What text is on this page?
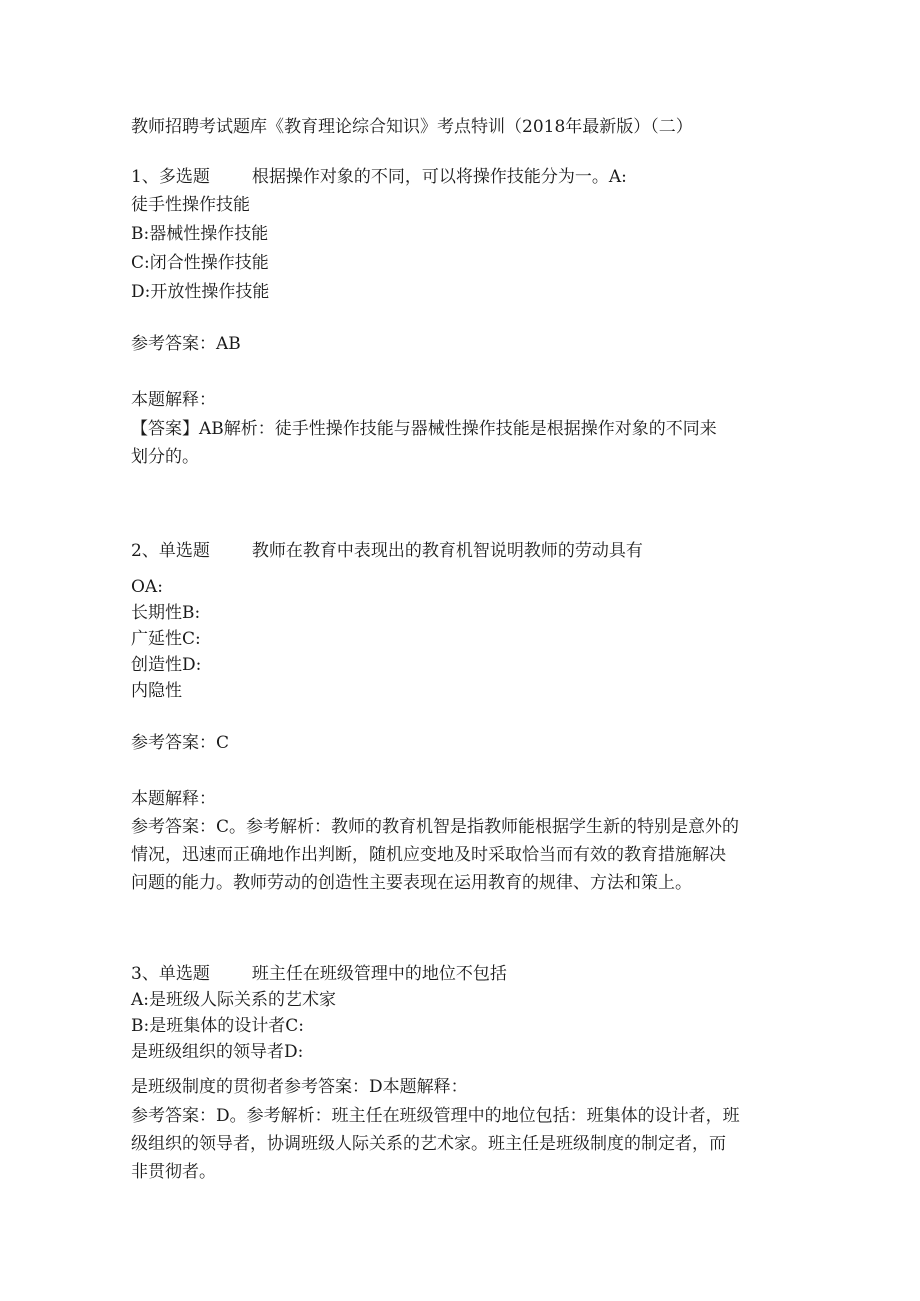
教师招聘考试题库《教育理论综合知识》考点特训（2018年最新版）（二）
1、多选题 根据操作对象的不同，可以将操作技能分为一。A:
徒手性操作技能
B:器械性操作技能
C:闭合性操作技能
D:开放性操作技能
参考答案：AB
本题解释：
【答案】AB解析：徒手性操作技能与器械性操作技能是根据操作对象的不同来
划分的。
2、单选题 教师在教育中表现出的教育机智说明教师的劳动具有
OA:
长期性B:
广延性C:
创造性D:
内隐性
参考答案：C
本题解释：
参考答案：C。参考解析：教师的教育机智是指教师能根据学生新的特别是意外的
情况，迅速而正确地作出判断，随机应变地及时采取恰当而有效的教育措施解决
问题的能力。教师劳动的创造性主要表现在运用教育的规律、方法和策上。
3、单选题 班主任在班级管理中的地位不包括
A:是班级人际关系的艺术家
B:是班集体的设计者C:
是班级组织的领导者D:
是班级制度的贯彻者参考答案：D本题解释：
参考答案：D。参考解析：班主任在班级管理中的地位包括：班集体的设计者，班
级组织的领导者，协调班级人际关系的艺术家。班主任是班级制度的制定者，而
非贯彻者。
